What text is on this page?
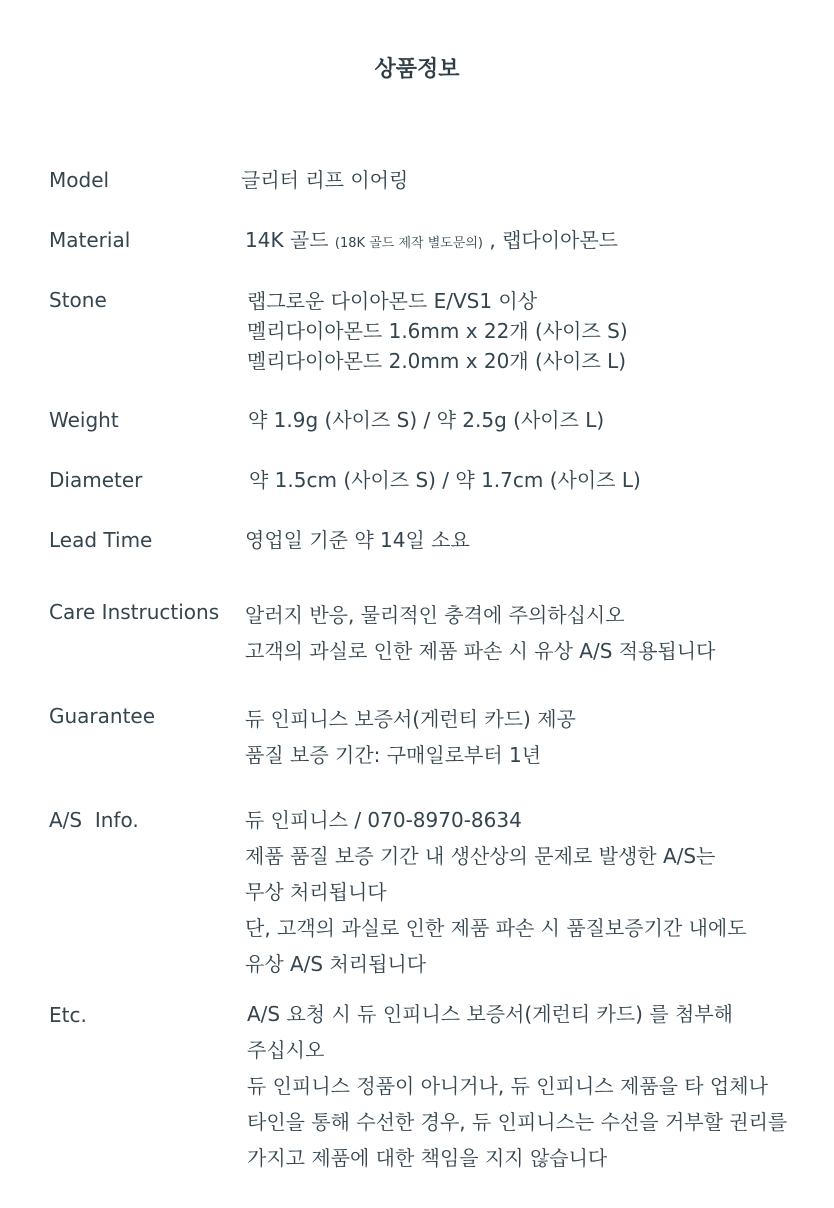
상품정보
Model	글리터 리프 이어링
Material	14K 골드 (18K 골드 제작 별도문의) , 랩다이아몬드
Stone	랩그로운 다이아몬드 E/VS1 이상
멜리다이아몬드 1.6mm x 22개 (사이즈 S)
멜리다이아몬드 2.0mm x 20개 (사이즈 L)
Weight	약 1.9g (사이즈 S) / 약 2.5g (사이즈 L)
Diameter	약 1.5cm (사이즈 S) / 약 1.7cm (사이즈 L)
Lead Time	영업일 기준 약 14일 소요
Care Instructions 알러지 반응, 물리적인 충격에 주의하십시오
고객의 과실로 인한 제품 파손 시 유상 A/S 적용됩니다
Guarantee	듀 인피니스 보증서(게런티 카드) 제공
품질 보증 기간: 구매일로부터 1년
A/S  Info.	듀 인피니스 / 070-8970-8634
제품 품질 보증 기간 내 생산상의 문제로 발생한 A/S는
무상 처리됩니다
단, 고객의 과실로 인한 제품 파손 시 품질보증기간 내에도
유상 A/S 처리됩니다
Etc.	A/S 요청 시 듀 인피니스 보증서(게런티 카드) 를 첨부해
주십시오
듀 인피니스 정품이 아니거나, 듀 인피니스 제품을 타 업체나
타인을 통해 수선한 경우, 듀 인피니스는 수선을 거부할 권리를
가지고 제품에 대한 책임을 지지 않습니다
